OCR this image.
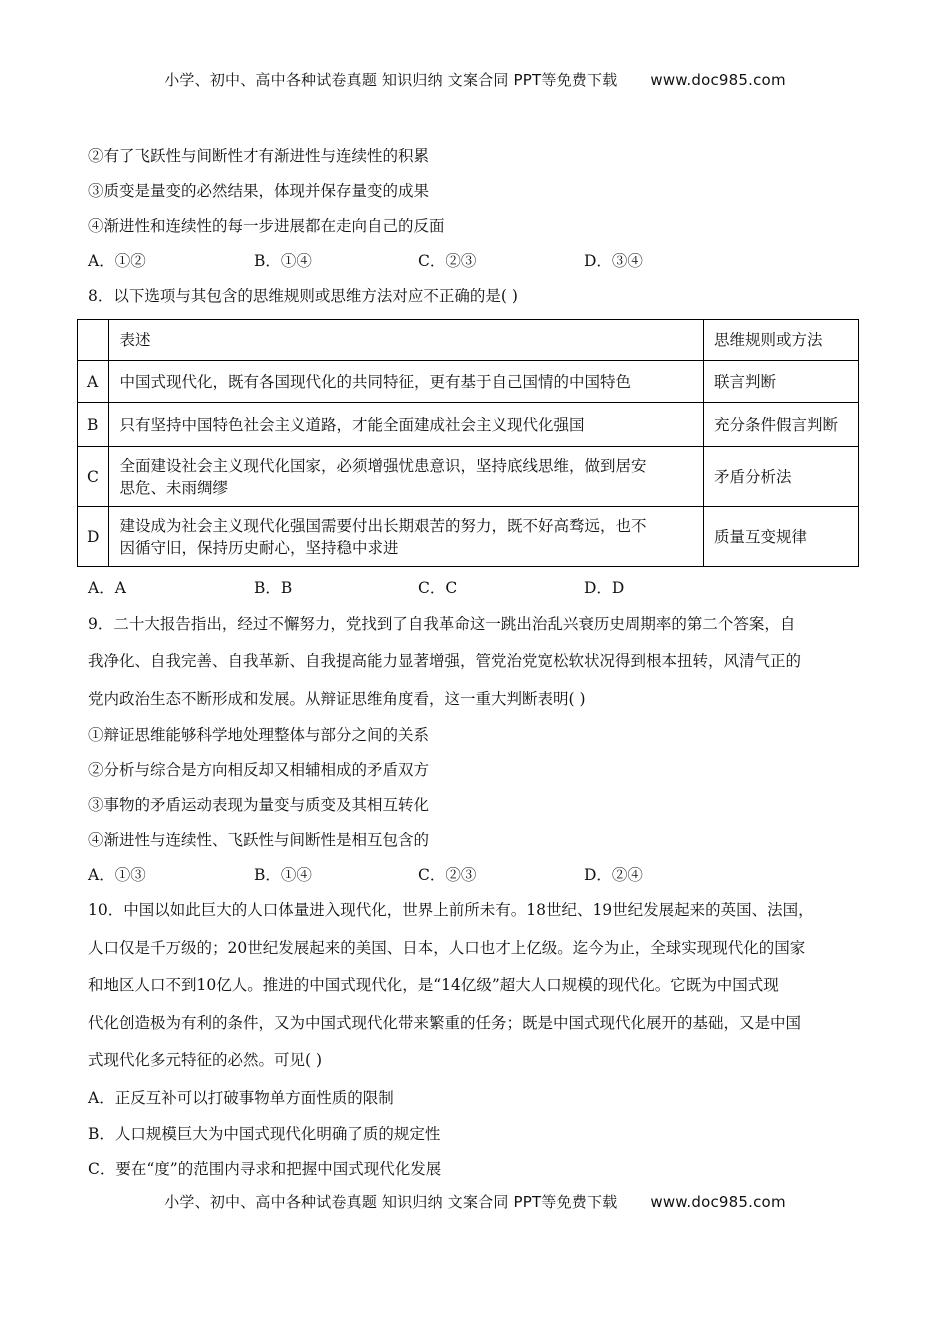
小学、初中、高中各种试卷真题 知识归纳 文案合同 PPT等免费下载 www.doc985.com
②有了飞跃性与间断性才有渐进性与连续性的积累
③质变是量变的必然结果，体现并保存量变的成果
④渐进性和连续性的每一步进展都在走向自己的反面
A．①②	B．①④	C．②③	D．③④
8．以下选项与其包含的思维规则或思维方法对应不正确的是( )
	表述	思维规则或方法
A	中国式现代化，既有各国现代化的共同特征，更有基于自己国情的中国特色	联言判断
B	只有坚持中国特色社会主义道路，才能全面建成社会主义现代化强国	充分条件假言判断
C	全面建设社会主义现代化国家，必须增强忧患意识，坚持底线思维，做到居安
思危、未雨绸缪	矛盾分析法
D	建设成为社会主义现代化强国需要付出长期艰苦的努力，既不好高骛远，也不
因循守旧，保持历史耐心，坚持稳中求进	质量互变规律
A．A	B．B	C．C	D．D
9．二十大报告指出，经过不懈努力，党找到了自我革命这一跳出治乱兴衰历史周期率的第二个答案，自
我净化、自我完善、自我革新、自我提高能力显著增强，管党治党宽松软状况得到根本扭转，风清气正的
党内政治生态不断形成和发展。从辩证思维角度看，这一重大判断表明( )
①辩证思维能够科学地处理整体与部分之间的关系
②分析与综合是方向相反却又相辅相成的矛盾双方
③事物的矛盾运动表现为量变与质变及其相互转化
④渐进性与连续性、飞跃性与间断性是相互包含的
A．①③	B．①④	C．②③	D．②④
10．中国以如此巨大的人口体量进入现代化，世界上前所未有。18世纪、19世纪发展起来的英国、法国，
人口仅是千万级的；20世纪发展起来的美国、日本，人口也才上亿级。迄今为止，全球实现现代化的国家
和地区人口不到10亿人。推进的中国式现代化，是“14亿级”超大人口规模的现代化。它既为中国式现
代化创造极为有利的条件，又为中国式现代化带来繁重的任务；既是中国式现代化展开的基础，又是中国
式现代化多元特征的必然。可见( )
A．正反互补可以打破事物单方面性质的限制
B．人口规模巨大为中国式现代化明确了质的规定性
C．要在“度”的范围内寻求和把握中国式现代化发展
小学、初中、高中各种试卷真题 知识归纳 文案合同 PPT等免费下载 www.doc985.com
